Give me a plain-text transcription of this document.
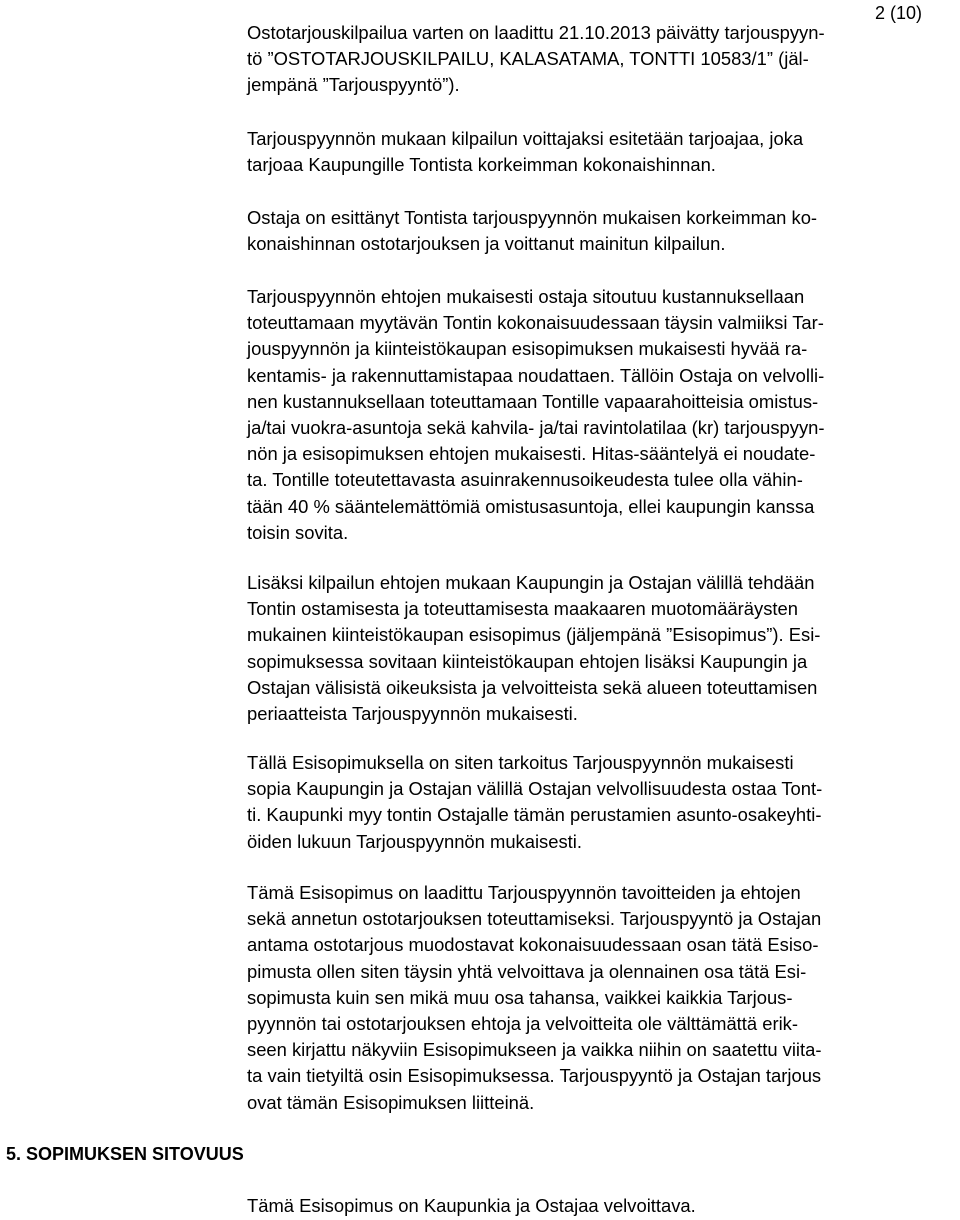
2 (10)
Ostotarjouskilpailua varten on laadittu 21.10.2013 päivätty tarjouspyyn-
tö ”OSTOTARJOUSKILPAILU, KALASATAMA, TONTTI 10583/1” (jäl-
jempänä ”Tarjouspyyntö”).
Tarjouspyynnön mukaan kilpailun voittajaksi esitetään tarjoajaa, joka
tarjoaa Kaupungille Tontista korkeimman kokonaishinnan.
Ostaja on esittänyt Tontista tarjouspyynnön mukaisen korkeimman ko-
konaishinnan ostotarjouksen ja voittanut mainitun kilpailun.
Tarjouspyynnön ehtojen mukaisesti ostaja sitoutuu kustannuksellaan
toteuttamaan myytävän Tontin kokonaisuudessaan täysin valmiiksi Tar-
jouspyynnön ja kiinteistökaupan esisopimuksen mukaisesti hyvää ra-
kentamis- ja rakennuttamistapaa noudattaen. Tällöin Ostaja on velvolli-
nen kustannuksellaan toteuttamaan Tontille vapaarahoitteisia omistus-
ja/tai vuokra-asuntoja sekä kahvila- ja/tai ravintolatilaa (kr) tarjouspyyn-
nön ja esisopimuksen ehtojen mukaisesti. Hitas-sääntelyä ei noudate-
ta. Tontille toteutettavasta asuinrakennusoikeudesta tulee olla vähin-
tään 40 % sääntelemättömiä omistusasuntoja, ellei kaupungin kanssa
toisin sovita.
Lisäksi kilpailun ehtojen mukaan Kaupungin ja Ostajan välillä tehdään
Tontin ostamisesta ja toteuttamisesta maakaaren muotomääräysten
mukainen kiinteistökaupan esisopimus (jäljempänä ”Esisopimus”). Esi-
sopimuksessa sovitaan kiinteistökaupan ehtojen lisäksi Kaupungin ja
Ostajan välisistä oikeuksista ja velvoitteista sekä alueen toteuttamisen
periaatteista Tarjouspyynnön mukaisesti.
Tällä Esisopimuksella on siten tarkoitus Tarjouspyynnön mukaisesti
sopia Kaupungin ja Ostajan välillä Ostajan velvollisuudesta ostaa Tont-
ti. Kaupunki myy tontin Ostajalle tämän perustamien asunto-osakeyhti-
öiden lukuun Tarjouspyynnön mukaisesti.
Tämä Esisopimus on laadittu Tarjouspyynnön tavoitteiden ja ehtojen
sekä annetun ostotarjouksen toteuttamiseksi. Tarjouspyyntö ja Ostajan
antama ostotarjous muodostavat kokonaisuudessaan osan tätä Esiso-
pimusta ollen siten täysin yhtä velvoittava ja olennainen osa tätä Esi-
sopimusta kuin sen mikä muu osa tahansa, vaikkei kaikkia Tarjous-
pyynnön tai ostotarjouksen ehtoja ja velvoitteita ole välttämättä erik-
seen kirjattu näkyviin Esisopimukseen ja vaikka niihin on saatettu viita-
ta vain tietyiltä osin Esisopimuksessa. Tarjouspyyntö ja Ostajan tarjous
ovat tämän Esisopimuksen liitteinä.
5. SOPIMUKSEN SITOVUUS
Tämä Esisopimus on Kaupunkia ja Ostajaa velvoittava.
